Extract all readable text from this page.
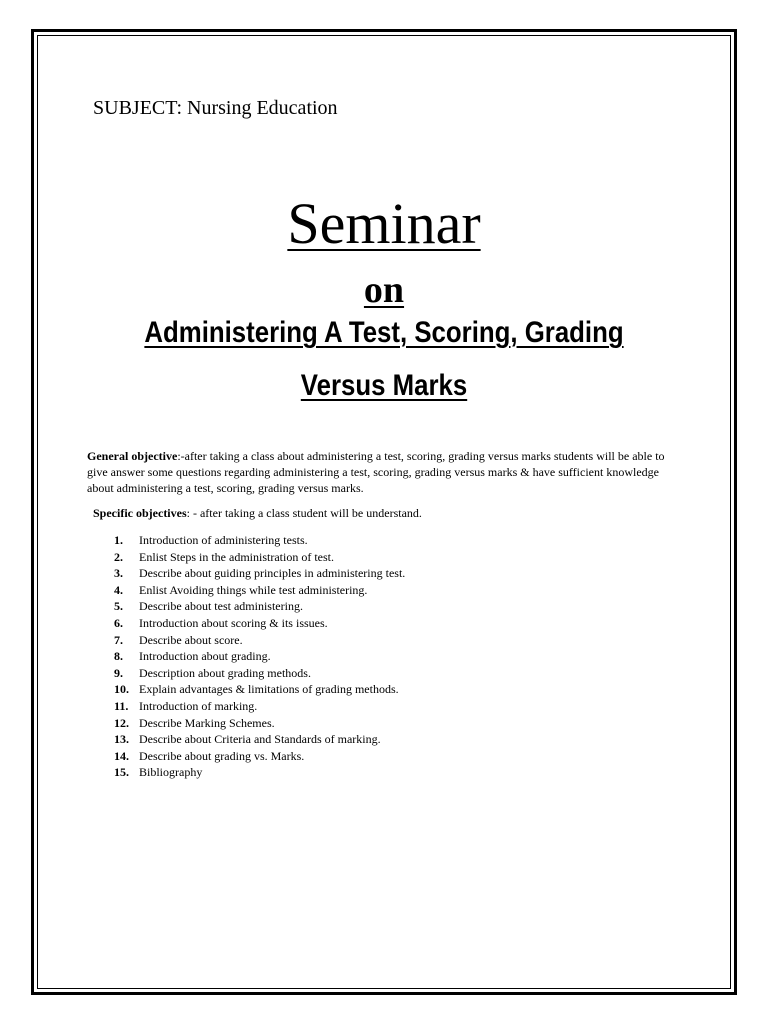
SUBJECT: Nursing Education
Seminar
on
Administering A Test, Scoring, Grading
Versus Marks
General objective:-after taking a class about administering a test, scoring, grading versus marks students will be able to give answer some questions regarding administering a test, scoring, grading versus marks & have sufficient knowledge about administering a test, scoring, grading versus marks.
Specific objectives: - after taking a class student will be understand.
1. Introduction of administering tests.
2. Enlist Steps in the administration of test.
3. Describe about guiding principles in administering test.
4. Enlist Avoiding things while test administering.
5. Describe about test administering.
6. Introduction about scoring & its issues.
7. Describe about score.
8. Introduction about grading.
9. Description about grading methods.
10. Explain advantages & limitations of grading methods.
11. Introduction of marking.
12. Describe Marking Schemes.
13. Describe about Criteria and Standards of marking.
14. Describe about grading vs. Marks.
15. Bibliography
